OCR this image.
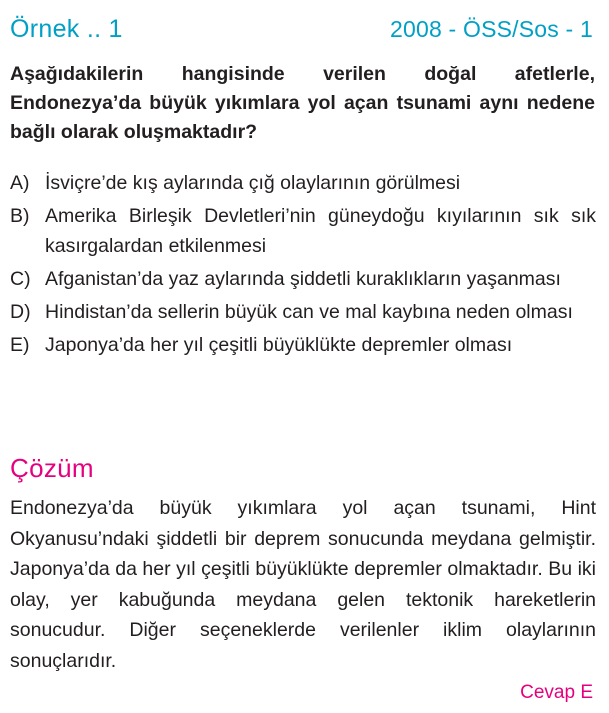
Örnek .. 1	2008 - ÖSS/Sos - 1
Aşağıdakilerin hangisinde verilen doğal afetlerle, Endonezya’da büyük yıkımlara yol açan tsunami aynı nedene bağlı olarak oluşmaktadır?
A) İsviçre’de kış aylarında çığ olaylarının görülmesi
B) Amerika Birleşik Devletleri’nin güneydoğu kıyılarının sık sık kasırgalardan etkilenmesi
C) Afganistan’da yaz aylarında şiddetli kuraklıkların yaşanması
D) Hindistan’da sellerin büyük can ve mal kaybına neden olması
E) Japonya’da her yıl çeşitli büyüklükte depremler olması
Çözüm
Endonezya’da büyük yıkımlara yol açan tsunami, Hint Okyanusu’ndaki şiddetli bir deprem sonucunda meydana gelmiştir. Japonya’da da her yıl çeşitli büyüklükte depremler olmaktadır. Bu iki olay, yer kabuğunda meydana gelen tektonik hareketlerin sonucudur. Diğer seçeneklerde verilenler iklim olaylarının sonuçlarıdır.
Cevap E
